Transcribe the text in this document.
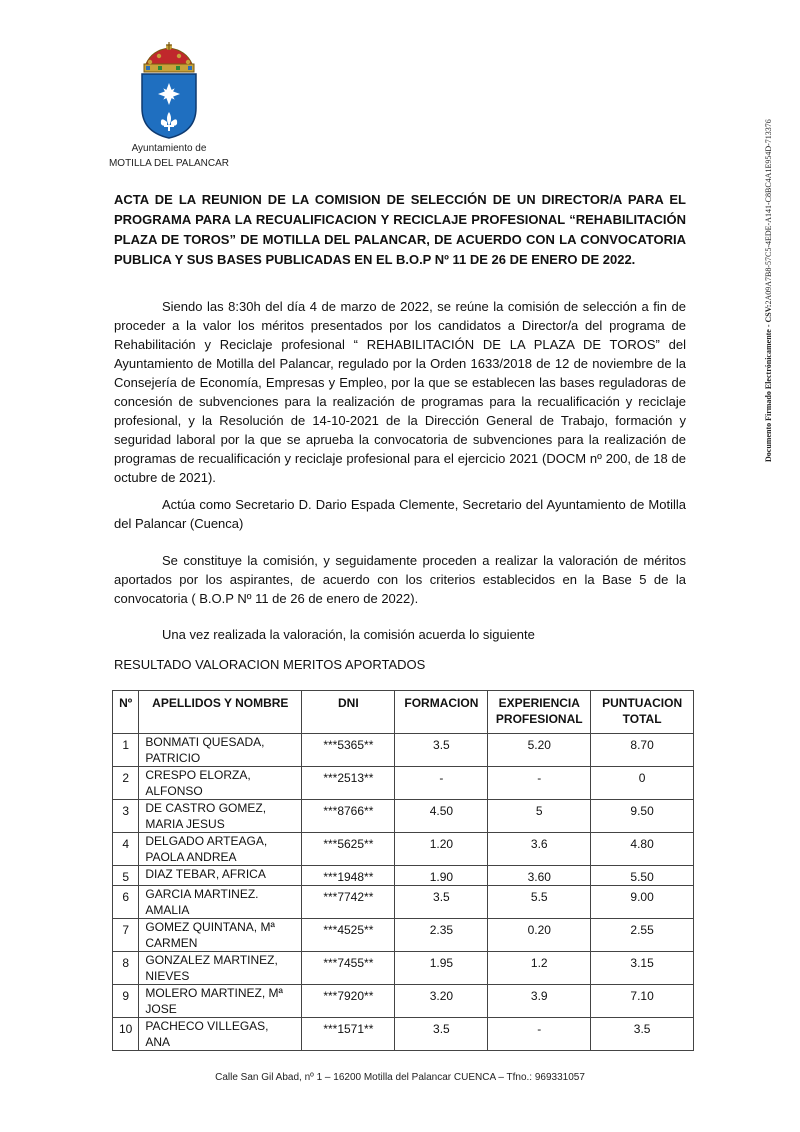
Ayuntamiento de
MOTILLA DEL PALANCAR
ACTA DE LA REUNION DE LA COMISION DE SELECCIÓN DE UN DIRECTOR/A PARA EL PROGRAMA PARA LA RECUALIFICACION Y RECICLAJE PROFESIONAL “REHABILITACIÓN PLAZA DE TOROS” DE MOTILLA DEL PALANCAR, DE ACUERDO CON LA CONVOCATORIA PUBLICA Y SUS BASES PUBLICADAS EN EL B.O.P Nº 11 DE 26 DE ENERO DE 2022.
Siendo las 8:30h del día 4 de marzo de 2022, se reúne la comisión de selección a fin de proceder a la valor los méritos presentados por los candidatos a Director/a del programa de Rehabilitación y Reciclaje profesional “ REHABILITACIÓN DE LA PLAZA DE TOROS” del Ayuntamiento de Motilla del Palancar, regulado por la Orden 1633/2018 de 12 de noviembre de la Consejería de Economía, Empresas y Empleo, por la que se establecen las bases reguladoras de concesión de subvenciones para la realización de programas para la recualificación y reciclaje profesional, y la Resolución de 14-10-2021 de la Dirección General de Trabajo, formación y seguridad laboral por la que se aprueba la convocatoria de subvenciones para la realización de programas de recualificación y reciclaje profesional para el ejercicio 2021 (DOCM nº 200, de 18 de octubre de 2021).
Actúa como Secretario D. Dario Espada Clemente, Secretario del Ayuntamiento de Motilla del Palancar (Cuenca)
Se constituye la comisión, y seguidamente proceden a realizar la valoración de méritos aportados por los aspirantes, de acuerdo con los criterios establecidos en la Base 5 de la convocatoria ( B.O.P Nº 11 de 26 de enero de 2022).
Una vez realizada la valoración, la comisión acuerda lo siguiente
RESULTADO VALORACION MERITOS APORTADOS
Nº	APELLIDOS Y NOMBRE	DNI	FORMACION	EXPERIENCIA PROFESIONAL	PUNTUACION TOTAL
1	BONMATI QUESADA, PATRICIO	***5365**	3.5	5.20	8.70
2	CRESPO ELORZA, ALFONSO	***2513**	-	-	0
3	DE CASTRO GOMEZ, MARIA JESUS	***8766**	4.50	5	9.50
4	DELGADO ARTEAGA, PAOLA ANDREA	***5625**	1.20	3.6	4.80
5	DIAZ TEBAR, AFRICA	***1948**	1.90	3.60	5.50
6	GARCIA MARTINEZ. AMALIA	***7742**	3.5	5.5	9.00
7	GOMEZ QUINTANA, Mª CARMEN	***4525**	2.35	0.20	2.55
8	GONZALEZ MARTINEZ, NIEVES	***7455**	1.95	1.2	3.15
9	MOLERO MARTINEZ, Mª JOSE	***7920**	3.20	3.9	7.10
10	PACHECO VILLEGAS, ANA	***1571**	3.5	-	3.5
Calle San Gil Abad, nº 1 – 16200 Motilla del Palancar CUENCA – Tfno.: 969331057
Documento Firmado Electrónicamente - CSV:2A09A7B8-57C5-4EDE-A141-C8BC4A1E954D-713376
